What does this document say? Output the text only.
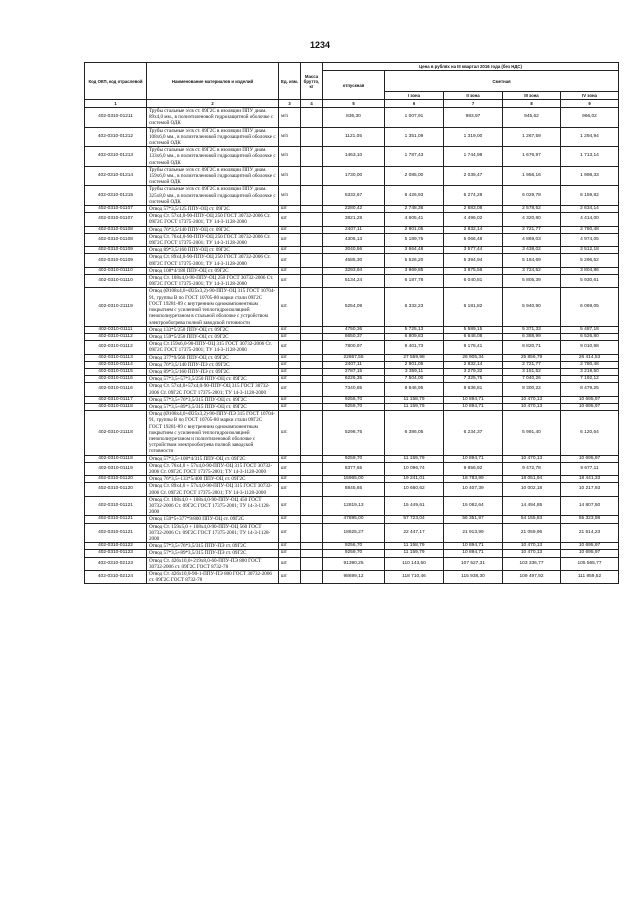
1234
Код ОКП, код отраслевой	Наименование материалов и изделий	Ед. изм.	Масса брутто, кг	Цена в рублях на III квартал 2016 года (без НДС)				
				отпускная	Сметная			
					I зона	II зона	III зона	IV зона
1	2	3	4	5	6	7	8	9
402-0310-01211	Трубы стальные э/св ст. 09Г2С в изоляции ППУ диам. 89х4,0 мм., в полиэтиленовой гидрозащитной оболочке с системой ОДК	м/п		836,30	1 007,91	983,97	945,62	966,02
402-0310-01212	Трубы стальные э/св ст. 09Г2С в изоляции ППУ диам. 108х6,0 мм., в полиэтиленовой гидрозащитной оболочке с системой ОДК	м/п		1121,05	1 351,09	1 319,00	1 267,59	1 294,94
402-0310-01213	Трубы стальные э/св ст. 09Г2С в изоляции ППУ диам. 133х6,0 мм., в полиэтиленовой гидрозащитной оболочке с системой ОДК	м/п		1463,10	1 787,43	1 744,98	1 676,97	1 713,14
402-0310-01214	Трубы стальные э/св ст. 09Г2С в изоляции ППУ диам. 159х6,0 мм., в полиэтиленовой гидрозащитной оболочке с системой ОДК	м/п		1730,00	2 085,00	2 035,47	1 956,16	1 998,33
402-0310-01215	Трубы стальные э/св ст. 09Г2С в изоляции ППУ диам. 325х8,0 мм., в полиэтиленовой гидрозащитной оболочке с системой ОДК	м/п		5332,67	6 426,93	6 274,28	6 029,78	6 159,82
402-0310-01107	Отвод 57*3,5/125 ППУ-ОЦ ст. 09Г2С	шт		2280,42	2 748,36	2 683,08	2 578,52	2 634,14
402-0310-01107	Отвод Ст. 57х4,0-90-ППУ-ОЦ 250 ГОСТ 30732-2006 Ст. 09Г2С ГОСТ 17375-2001; ТУ 14-3-1128-2000	шт		3821,28	4 605,41	4 496,02	4 320,80	4 414,00
402-0310-01108	Отвод 76*3,5/140 ППУ-ОЦ ст. 09Г2С	шт		2407,11	2 901,05	2 832,14	2 721,77	2 780,48
402-0310-01108	Отвод Ст. 76х4,0-90-ППУ-ОЦ 250 ГОСТ 30732-2006 Ст. 09Г2С ГОСТ 17375-2001; ТУ 14-3-1128-2000	шт		4306,13	5 189,75	5 066,48	4 869,03	4 974,05
402-0310-01109	Отвод 89*3,5/160 ППУ-ОЦ ст. 09Г2С	шт		3040,56	3 664,48	3 577,44	3 438,02	3 512,18
402-0310-01109	Отвод Ст. 89х4,0-90-ППУ-ОЦ 250 ГОСТ 30732-2006 Ст. 09Г2С ГОСТ 17375-2001; ТУ 14-3-1128-2000	шт		4585,30	5 526,20	5 394,94	5 184,69	5 296,52
402-0310-01110	Отвод 108*4/180 ППУ-ОЦ ст. 09Г2С	шт		3293,94	3 969,85	3 875,56	3 724,52	3 804,86
402-0310-01110	Отвод Ст. 108х4,0-90-ППУ-ОЦ 250 ГОСТ 30732-2006 Ст. 09Г2С ГОСТ 17375-2001; ТУ 14-3-1128-2000	шт		5134,24	6 187,78	6 040,81	5 805,39	5 930,61
402-0310-21119	Отвод (Ø108х4,0+Ø25х3,2)-90-ППУ-ОЦ 315 ГОСТ 10704-91, группы В по ГОСТ 10705-80 марки стали 09Г2С ГОСТ 19281-89 с внутренним однокомпонентным покрытием с усиленной теплогидроизоляцией пенополиуретаном в стальной оболочке с устройством электрообогрева полной заводской готовности	шт.		5254,09	6 332,23	6 181,82	5 940,90	6 069,05
402-0310-01111	Отвод 133*5/250 ППУ-ОЦ ст. 09Г2С	шт		4750,36	5 725,13	5 589,15	5 371,33	5 487,18
402-0310-01112	Отвод 159*5/250 ППУ-ОЦ ст. 09Г2С	шт		5650,37	6 809,83	6 648,08	6 388,99	6 526,80
402-0310-01112	Отвод Ст.159х6,0-90-ППУ-ОЦ 315 ГОСТ 30732-2006 Ст. 09Г2С ГОСТ 17375-2001; ТУ 14-3-1128-2000	шт		7800,97	9 401,73	9 178,41	8 820,71	9 010,98
402-0310-01113	Отвод 377*9/560 ППУ-ОЦ ст. 09Г2С	шт		22867,55	27 559,98	26 905,34	25 856,79	26 414,53
402-0310-01114	Отвод 76*3,5/140 ППУ-ПЭ ст. 09Г2С	шт		2407,11	2 901,05	2 832,14	2 721,77	2 780,48
402-0310-01115	Отвод 89*3,5/160 ППУ-ПЭ ст. 09Г2С	шт		2787,15	3 359,11	3 279,32	3 151,52	3 219,50
402-0310-01116	Отвод 57*3,5+57*3,5/250 ППУ-ОЦ ст. 09Г2С	шт		6226,35	7 504,00	7 325,75	7 040,26	7 192,12
402-0310-01116	Отвод Ст. 57х4,0+57х4,0-90-ППУ-ОЦ 315 ГОСТ 30732-2006 Ст. 09Г2С ГОСТ 17375-2001; ТУ 14-3-1128-2000	шт		7340,85	8 846,95	8 636,81	8 300,22	8 479,25
402-0310-01117	Отвод 57*3,5+76*3,5/315 ППУ-ОЦ ст. 09Г2С	шт		9256,70	11 158,79	10 894,71	10 470,13	10 695,97
402-0310-01118	Отвод 57*3,5+89*3,5/315 ППУ-ОЦ ст. 09Г2С	шт		9259,70	11 159,79	10 894,71	10 470,13	10 695,97
402-0310-21118	Отвод (Ø108х4,0+Ø25х3,2)-90-ППУ-ПЭ 315 ГОСТ 10704-91, группы В по ГОСТ 10705-80 марки стали 09Г2С ГОСТ 19281-89 с внутренним однокомпонентным покрытием с усиленной теплогидроизоляцией пенополиуретаном и полиэтиленовой оболочке с устройством электрообогрева полной заводской готовности	шт.		5298,75	6 386,05	6 234,37	5 991,40	6 120,64
402-0310-01118	Отвод 57*3,5+108*4/315 ППУ-ОЦ ст. 09Г2С	шт		9259,70	11 159,79	10 894,71	10 470,13	10 695,97
402-0310-01119	Отвод Ст. 76х4,0 + 57х4,0-90-ППУ-ОЦ 315 ГОСТ 30732-2006 Ст. 09Г2С ГОСТ 17375-2001; ТУ 14-3-1128-2000	шт		8377,65	10 096,74	9 856,92	9 472,78	9 677,11
402-0310-01120	Отвод 76*3,5+133*5/400 ППУ-ОЦ ст. 09Г2С	шт		15965,00	19 241,01	18 783,99	18 051,94	18 441,33
402-0310-01120	Отвод Ст. 89х4,0 + 57х4,0-90-ППУ-ОЦ 315 ГОСТ 30732-2006 Ст. 09Г2С ГОСТ 17375-2001; ТУ 14-3-1128-2000	шт		8845,65	10 660,62	10 407,39	10 002,18	10 217,93
402-0310-01121	Отвод Ст. 108х4,0 + 108х4,0-90-ППУ-ОЦ 450 ГОСТ 30732-2006 Ст. 09Г2С ГОСТ 17375-2001; ТУ 14-3-1128-2000	шт		12819,13	15 449,61	15 082,64	14 494,85	14 807,50
402-0310-01121	Отвод 159*5+377*9/800 ППУ-ОЦ ст. 09Г2С	шт		47895,00	57 723,04	56 351,97	54 155,83	55 323,98
402-0310-01121	Отвод Ст. 159х5,0 + 108х4,0-90-ППУ-ОЦ 560 ГОСТ 30732-2006 Ст. 09Г2С ГОСТ 17375-2001; ТУ 14-3-1128-2000	шт		18625,27	22 447,17	21 913,99	21 059,96	21 514,23
402-0310-01122	Отвод 57*3,5+76*3,5/315 ППУ-ПЭ ст. 09Г2С	шт		9256,70	11 158,79	10 894,71	10 470,13	10 695,97
402-0310-01123	Отвод 57*3,5+89*3,5/315 ППУ-ПЭ ст. 09Г2С	шт		9259,70	11 159,79	10 894,71	10 470,13	10 695,97
402-0310-02123	Отвод Ст. 426х10,0+219х8,0-60-ППУ-ПЭ 800 ГОСТ 30732-2006 ст. 09Г2С ГОСТ 8732-78	шт		91390,25	110 143,50	107 527,31	103 336,77	105 565,77
402-0310-02124	Отвод Ст. 426х10,0-90-1-ППУ-ПЭ 800 ГОСТ 30732-2006 ст. 09Г2С ГОСТ 8732-78	шт		98699,12	118 710,46	115 938,30	109 497,92	111 859,52
